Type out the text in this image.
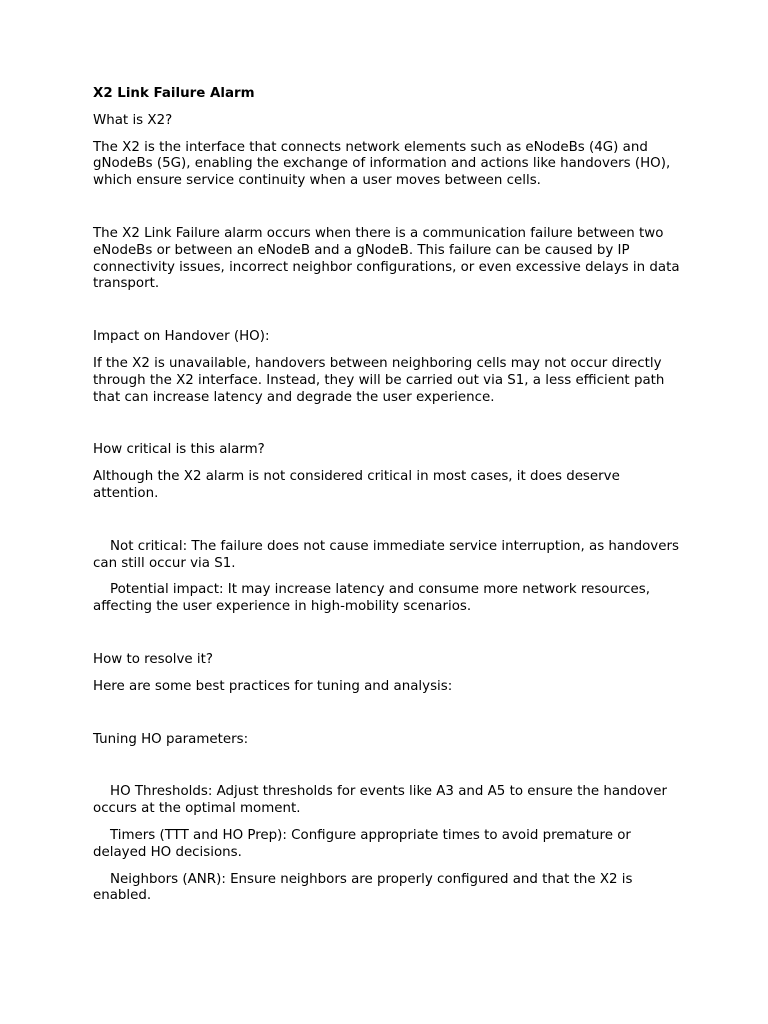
X2 Link Failure Alarm

What is X2?

The X2 is the interface that connects network elements such as eNodeBs (4G) and gNodeBs (5G), enabling the exchange of information and actions like handovers (HO), which ensure service continuity when a user moves between cells.

The X2 Link Failure alarm occurs when there is a communication failure between two eNodeBs or between an eNodeB and a gNodeB. This failure can be caused by IP connectivity issues, incorrect neighbor configurations, or even excessive delays in data transport.

Impact on Handover (HO):

If the X2 is unavailable, handovers between neighboring cells may not occur directly through the X2 interface. Instead, they will be carried out via S1, a less efficient path that can increase latency and degrade the user experience.

How critical is this alarm?

Although the X2 alarm is not considered critical in most cases, it does deserve attention.

Not critical: The failure does not cause immediate service interruption, as handovers can still occur via S1.

Potential impact: It may increase latency and consume more network resources, affecting the user experience in high-mobility scenarios.

How to resolve it?

Here are some best practices for tuning and analysis:

Tuning HO parameters:

HO Thresholds: Adjust thresholds for events like A3 and A5 to ensure the handover occurs at the optimal moment.

Timers (TTT and HO Prep): Configure appropriate times to avoid premature or delayed HO decisions.

Neighbors (ANR): Ensure neighbors are properly configured and that the X2 is enabled.
